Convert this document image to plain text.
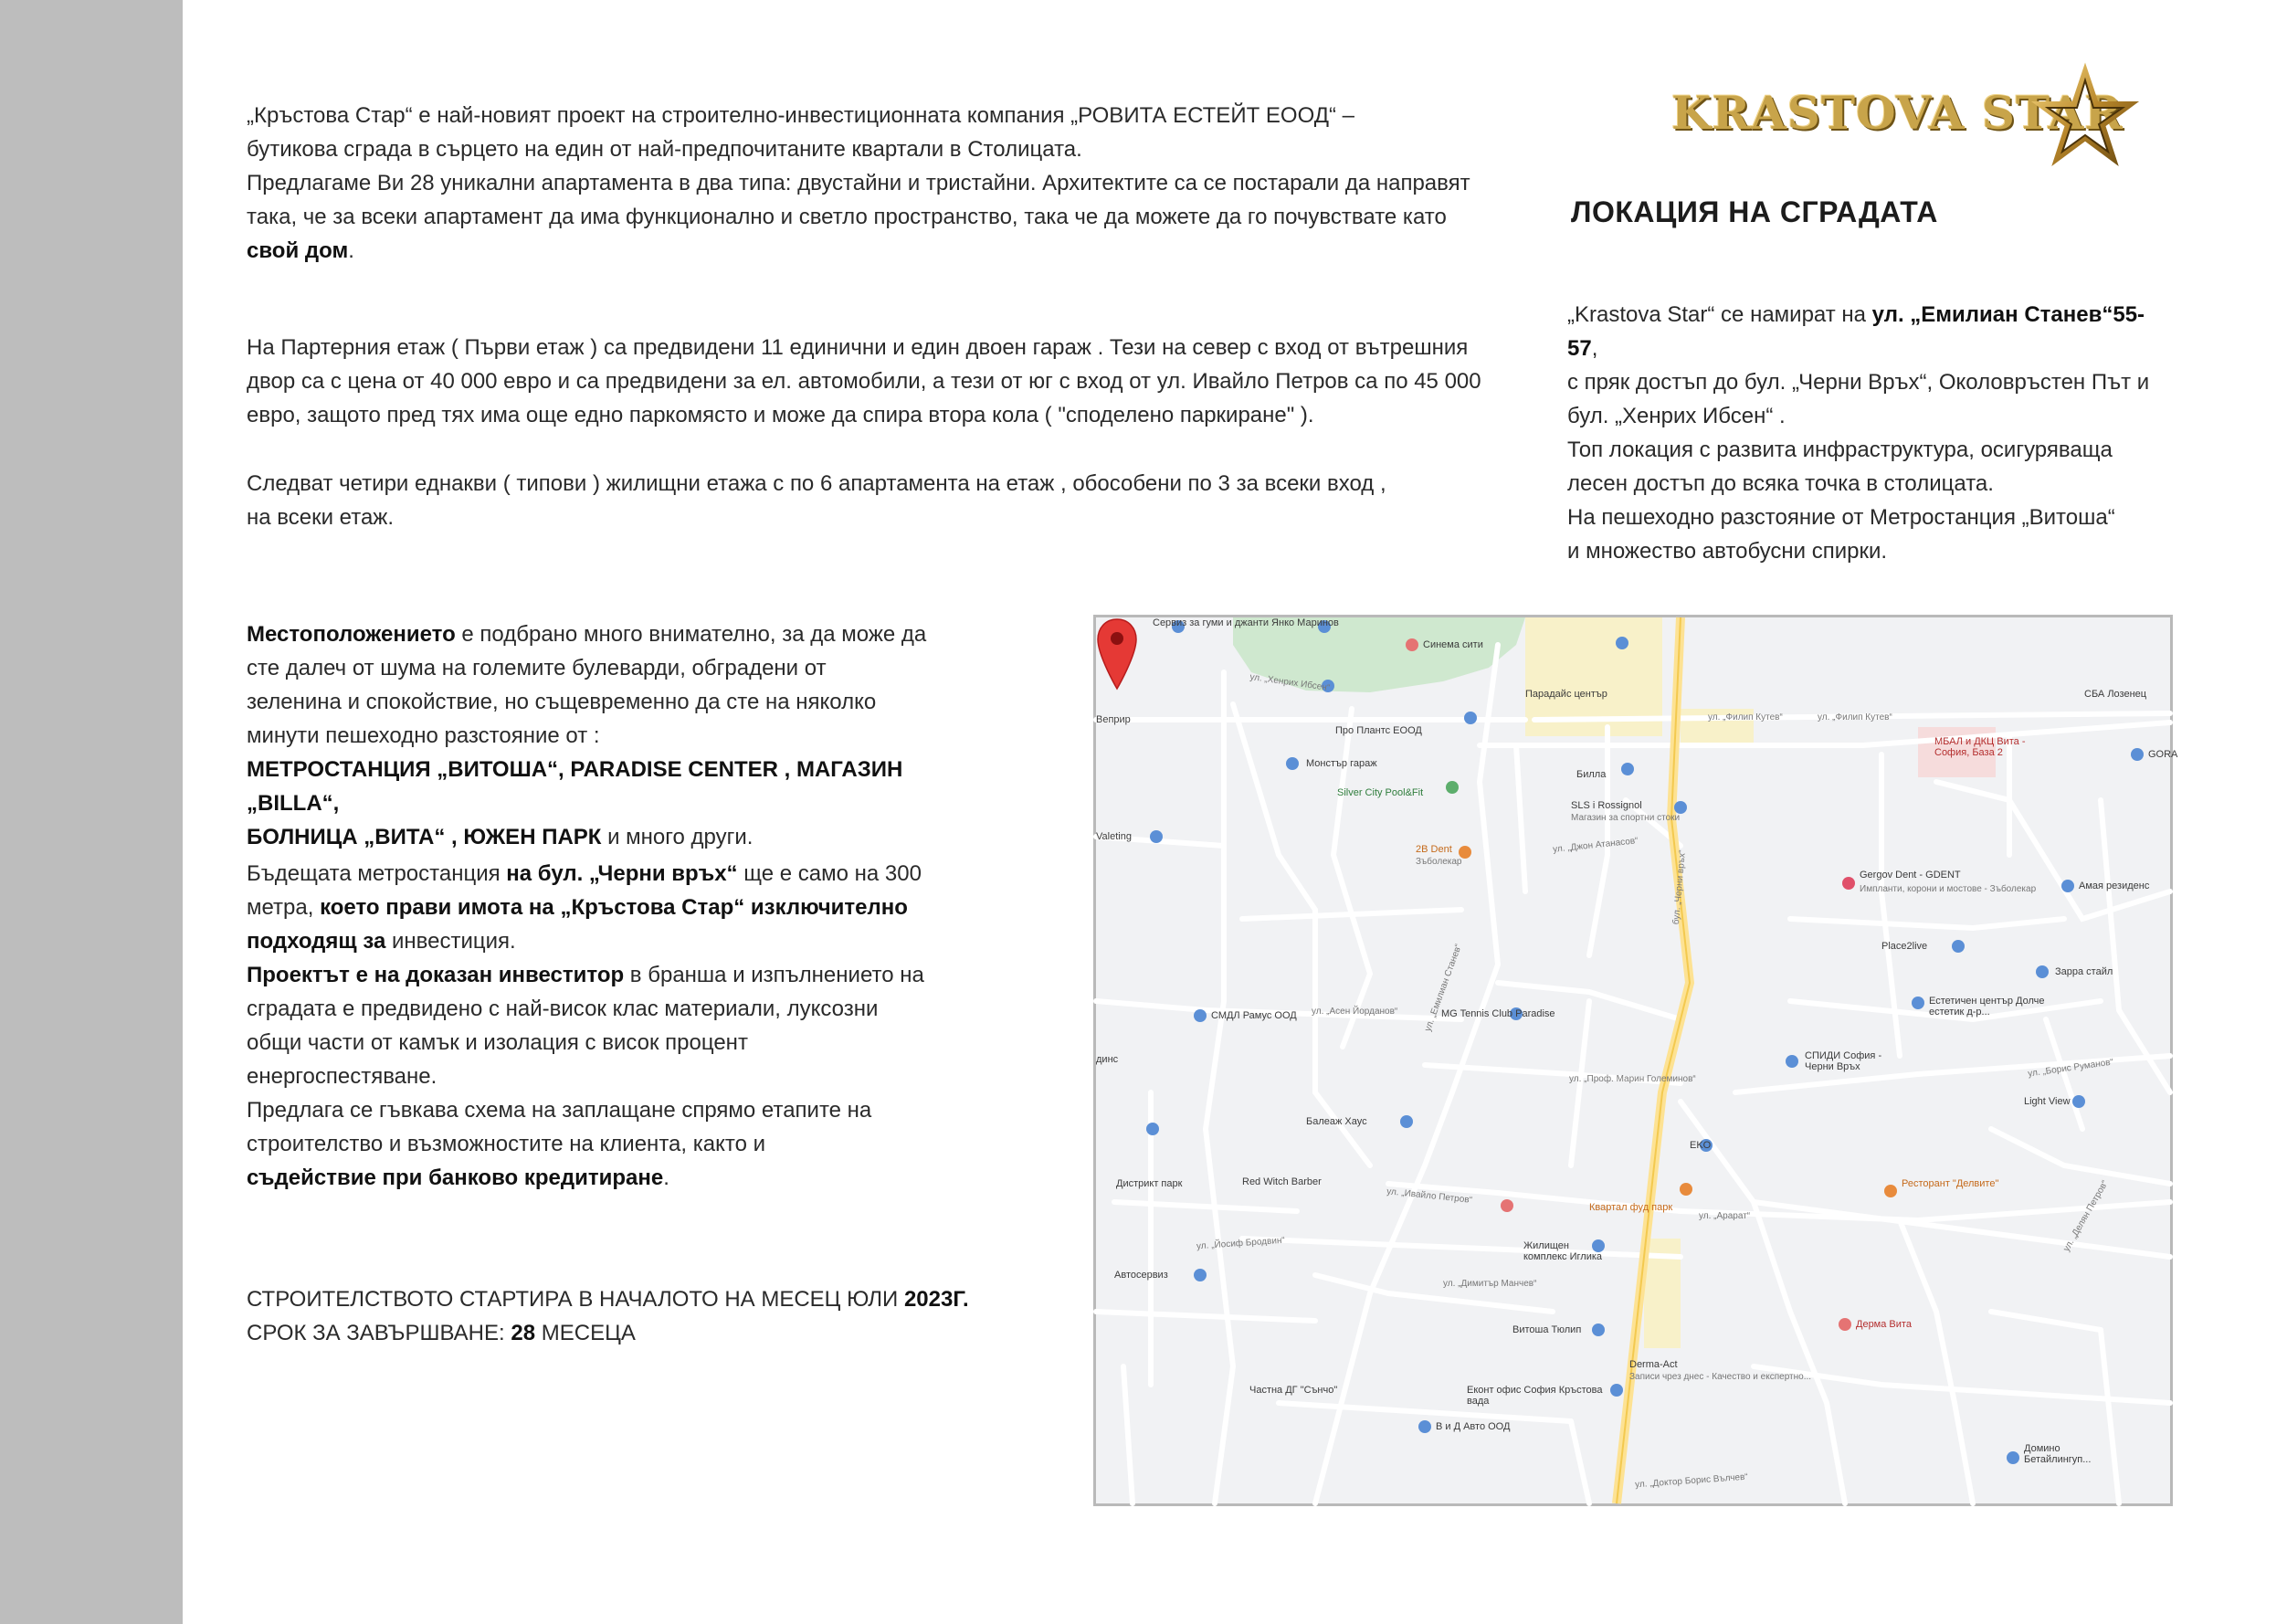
„Кръстова Стар“ е най-новият проект на строително-инвестиционната компания „РОВИТА ЕСТЕЙТ ЕООД“ –
бутикова сграда в сърцето на един от най-предпочитаните квартали в Столицата.
Предлагаме Ви 28 уникални апартамента в два типа: двустайни и тристайни. Архитектите са се постарали да направят
така, че за всеки апартамент да има функционално и светло пространство, така че да можете да го почувствате като
свой дом.

На Партерния етаж ( Първи етаж ) са предвидени 11 единични и един двоен гараж . Тези на север с вход от вътрешния
двор са с цена от 40 000 евро и са предвидени за ел. автомобили, а тези от юг с вход от ул. Ивайло Петров са по 45 000
евро, защото пред тях има още едно паркомясто и може да спира втора кола ( "споделено паркиране" ).

Следват четири еднакви ( типови ) жилищни етажа с по 6 апартамента на етаж , обособени по 3 за всеки вход ,
на всеки етаж.

Местоположението е подбрано много внимателно, за да може да
сте далеч от шума на големите булеварди, обградени от
зеленина и спокойствие, но същевременно да сте на няколко
минути пешеходно разстояние от :
МЕТРОСТАНЦИЯ „ВИТОША“, PARADISE CENTER , МАГАЗИН „BILLA“,
БОЛНИЦА „ВИТА“ , ЮЖЕН ПАРК и много други.

Бъдещата метростанция на бул. „Черни връх“ ще е само на 300
метра, което прави имота на „Кръстова Стар“ изключително
подходящ за инвестиция.
Проектът е на доказан инвеститор в бранша и изпълнението на
сградата е предвидено с най-висок клас материали, луксозни
общи части от камък и изолация с висок процент
енергоспестяване.
Предлага се гъвкава схема на заплащане спрямо етапите на
строителство и възможностите на клиента, както и
съдействие при банково кредитиране.

СТРОИТЕЛСТВОТО СТАРТИРА В НАЧАЛОТО НА МЕСЕЦ ЮЛИ 2023Г.
СРОК ЗА ЗАВЪРШВАНЕ: 28 МЕСЕЦА

KRASTOVA STAR
ЛОКАЦИЯ НА СГРАДАТА

„Krastova Star“ се намират на ул. „Емилиан Станев“55-57,
с пряк достъп до бул. „Черни Връх“, Околовръстен Път и
бул. „Хенрих Ибсен“ .
Топ локация с развита инфраструктура, осигуряваща
лесен достъп до всяка точка в столицата.
На пешеходно разстояние от Метростанция „Витоша“
и множество автобусни спирки.

Сервиз за гуми и джанти Янко Маринов
Синема сити
Парадайс център
Про Плантс ЕООД
Монстър гараж
Silver City Pool&Fit
Билла
SLS i Rossignol
Магазин за спортни стоки
2B Dent
Зъболекар
Gergov Dent - GDENT
Импланти, корони и мостове - Зъболекар	Амая резиденс
Place2live
Зарра стайл
Естетичен център Долче естетик д-р...
СМДЛ Рамус ООД	MG Tennis Club Paradise
СПИДИ София - Черни Връх
Light View
Балеаж Хаус
EKO
Red Witch Barber
Дистрикт парк
Квартал фуд парк
Ресторант "Делвите"
Жилищен комплекс Иглика
Автосервиз
Дерма Вита
Витоша Тюлип
Derma-Act
Записи чрез днес - Качество и експертно...
Частна ДГ "Сънчо"	Еконт офис София Кръстова вада
В и Д Авто ООД
Домино Бетайлингуп...
СБА Лозенец
GORA
МБАЛ и ДКЦ Вита - София, База 2
Valeting
Веприр
динс
ул. „Хенрих Ибсен“
ул. „Филип Кутев“	ул. „Филип Кутев“
ул. „Асен Йорданов“
ул. „Проф. Марин Големинов“
ул. „Ивайло Петров“
ул. „Димитър Манчев“
ул. „Арарат“
ул. „Борис Руманов“
ул. „Емилиан Станев“
бул. „Черни връх“
ул. „Йосиф Бродвин“
ул. „Доктор Борис Вълчев“
ул. „Джон Атанасов“
ул. „Делян Петров“
